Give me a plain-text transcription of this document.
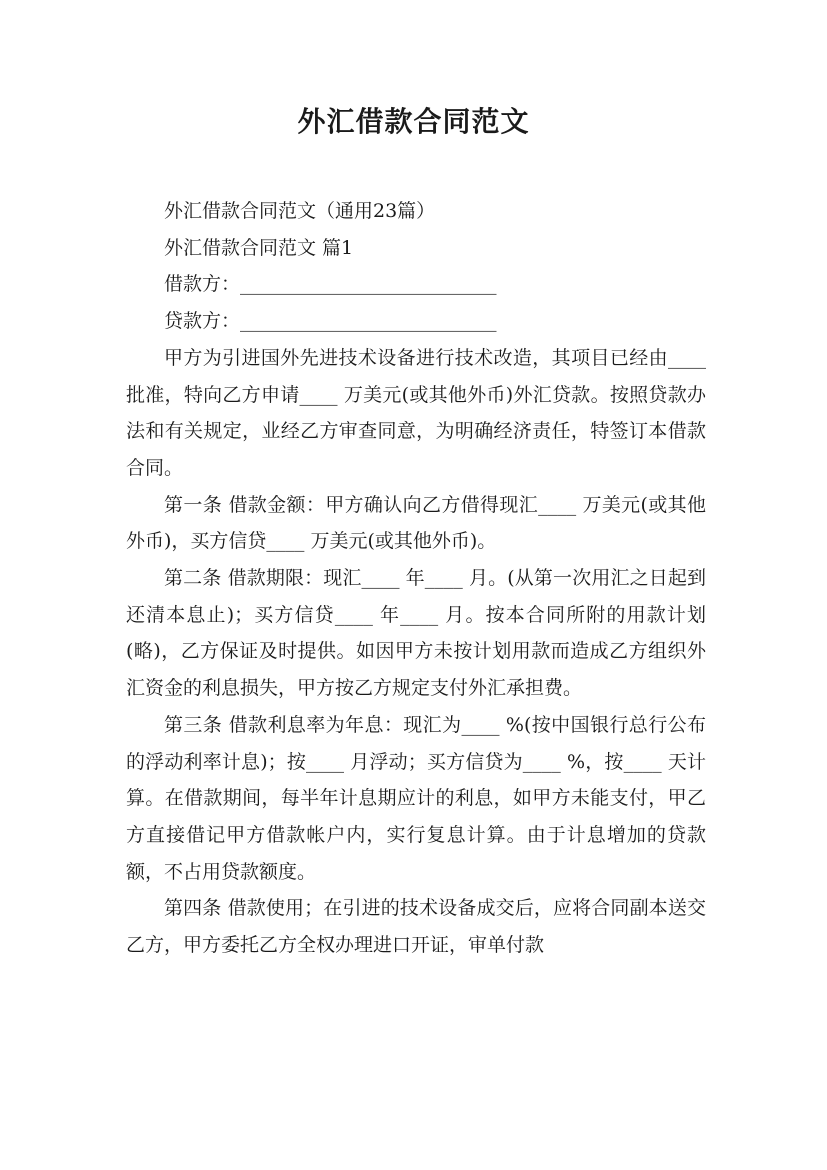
外汇借款合同范文

外汇借款合同范文（通用23篇）

外汇借款合同范文 篇1

借款方：___________________________

贷款方：___________________________

甲方为引进国外先进技术设备进行技术改造，其项目已经由____ 批准，特向乙方申请____ 万美元(或其他外币)外汇贷款。按照贷款办法和有关规定，业经乙方审查同意，为明确经济责任，特签订本借款合同。

第一条 借款金额：甲方确认向乙方借得现汇____ 万美元(或其他外币)，买方信贷____ 万美元(或其他外币)。

第二条 借款期限：现汇____ 年____ 月。(从第一次用汇之日起到还清本息止)；买方信贷____ 年____ 月。按本合同所附的用款计划(略)，乙方保证及时提供。如因甲方未按计划用款而造成乙方组织外汇资金的利息损失，甲方按乙方规定支付外汇承担费。

第三条 借款利息率为年息：现汇为____ %(按中国银行总行公布的浮动利率计息)；按____ 月浮动；买方信贷为____ %，按____ 天计算。在借款期间，每半年计息期应计的利息，如甲方未能支付，甲乙方直接借记甲方借款帐户内，实行复息计算。由于计息增加的贷款额，不占用贷款额度。

第四条 借款使用；在引进的技术设备成交后，应将合同副本送交乙方，甲方委托乙方全权办理进口开证，审单付款
